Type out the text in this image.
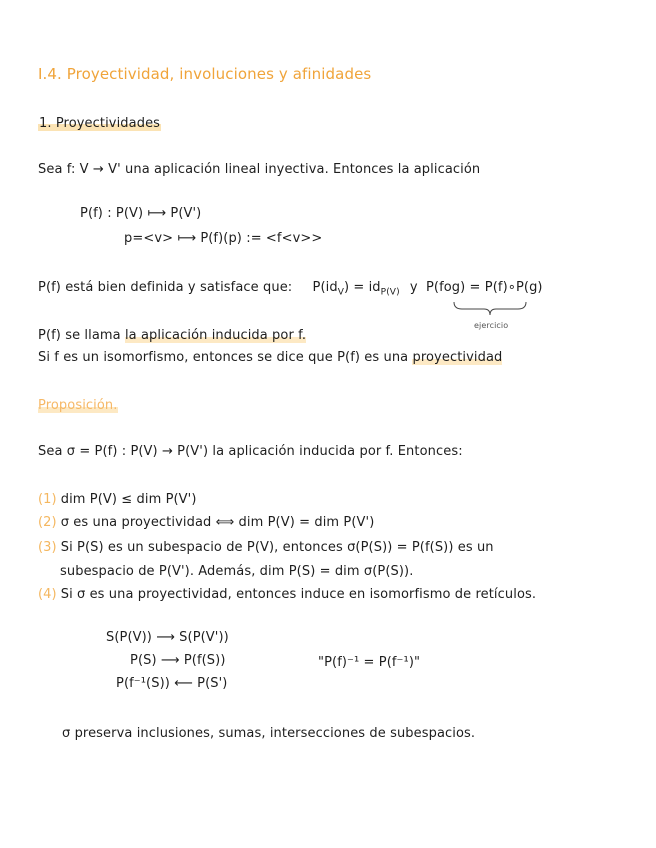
I.4. Proyectividad, involuciones y afinidades
1. Proyectividades
Sea f: V → V' una aplicación lineal inyectiva. Entonces la aplicación
P(f) : P(V) ⟼ P(V')
p=<v> ⟼ P(f)(p) := <f<v>>
P(f) está bien definida y satisface que: $P(id_V) = id_{P(V)}$ y P(fog) = P(f)∘P(g)
ejercicio
P(f) se llama la aplicación inducida por f.
Si f es un isomorfismo, entonces se dice que P(f) es una proyectividad
Proposición.
Sea σ = P(f) : P(V) → P(V') la aplicación inducida por f. Entonces:
(1) dim P(V) ≤ dim P(V')
(2) σ es una proyectividad ⟺ dim P(V) = dim P(V')
(3) Si P(S) es un subespacio de P(V), entonces σ(P(S)) = P(f(S)) es un
subespacio de P(V'). Además, dim P(S) = dim σ(P(S)).
(4) Si σ es una proyectividad, entonces induce en isomorfismo de retículos.
S(P(V)) ⟶ S(P(V'))
P(S) ⟶ P(f(S))
P(f⁻¹(S)) ⟵ P(S')
"P(f)⁻¹ = P(f⁻¹)"
σ preserva inclusiones, sumas, intersecciones de subespacios.
